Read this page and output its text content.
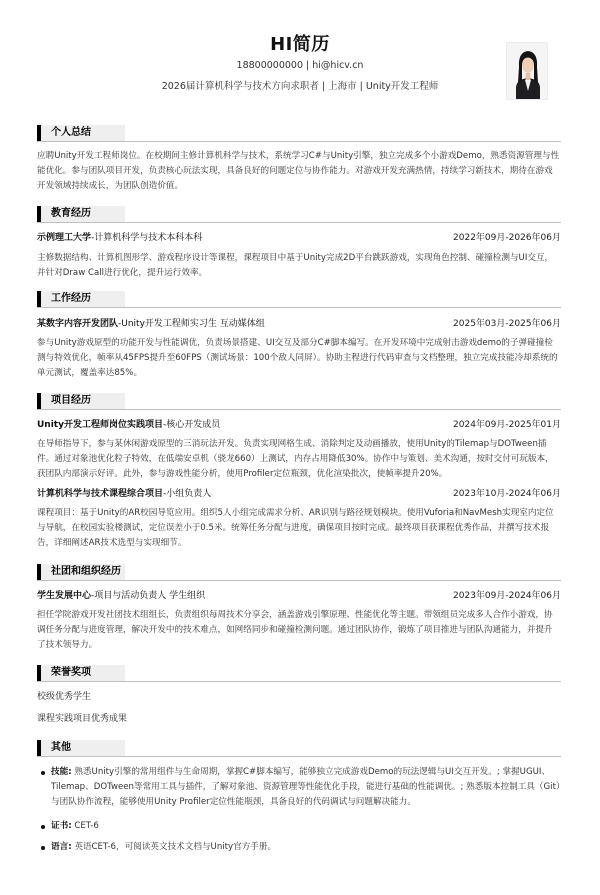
HI简历
18800000000 | hi@hicv.cn
2026届计算机科学与技术方向求职者 | 上海市 | Unity开发工程师
个人总结
应聘Unity开发工程师岗位。在校期间主修计算机科学与技术，系统学习C#与Unity引擎，独立完成多个小游戏Demo，熟悉资源管理与性能优化。参与团队项目开发，负责核心玩法实现，具备良好的问题定位与协作能力。对游戏开发充满热情，持续学习新技术，期待在游戏开发领域持续成长，为团队创造价值。
教育经历
示例理工大学-计算机科学与技术本科本科	2022年09月-2026年06月
主修数据结构、计算机图形学、游戏程序设计等课程，课程项目中基于Unity完成2D平台跳跃游戏，实现角色控制、碰撞检测与UI交互，并针对Draw Call进行优化，提升运行效率。
工作经历
某数字内容开发团队-Unity开发工程师实习生 互动媒体组	2025年03月-2025年06月
参与Unity游戏原型的功能开发与性能调优，负责场景搭建、UI交互及部分C#脚本编写。在开发环境中完成射击游戏demo的子弹碰撞检测与特效优化，帧率从45FPS提升至60FPS（测试场景：100个敌人同屏）。协助主程进行代码审查与文档整理，独立完成技能冷却系统的单元测试，覆盖率达85%。
项目经历
Unity开发工程师岗位实践项目-核心开发成员	2024年09月-2025年01月
在导师指导下，参与某休闲游戏原型的三消玩法开发。负责实现网格生成、消除判定及动画播放，使用Unity的Tilemap与DOTween插件。通过对象池优化粒子特效，在低端安卓机（骁龙660）上测试，内存占用降低30%。协作中与策划、美术沟通，按时交付可玩版本，获团队内部演示好评。此外，参与游戏性能分析，使用Profiler定位瓶颈，优化渲染批次，使帧率提升20%。
计算机科学与技术课程综合项目-小组负责人	2023年10月-2024年06月
课程项目：基于Unity的AR校园导览应用。组织5人小组完成需求分析、AR识别与路径规划模块。使用Vuforia和NavMesh实现室内定位与导航，在校园实验楼测试，定位误差小于0.5米。统筹任务分配与进度，确保项目按时完成。最终项目获课程优秀作品，并撰写技术报告，详细阐述AR技术选型与实现细节。
社团和组织经历
学生发展中心-项目与活动负责人 学生组织	2023年09月-2024年06月
担任学院游戏开发社团技术组组长，负责组织每周技术分享会，涵盖游戏引擎原理、性能优化等主题。带领组员完成多人合作小游戏，协调任务分配与进度管理，解决开发中的技术难点，如网络同步和碰撞检测问题。通过团队协作，锻炼了项目推进与团队沟通能力，并提升了技术领导力。
荣誉奖项
校级优秀学生
课程实践项目优秀成果
其他
技能: 熟悉Unity引擎的常用组件与生命周期，掌握C#脚本编写，能够独立完成游戏Demo的玩法逻辑与UI交互开发。; 掌握UGUI、Tilemap、DOTween等常用工具与插件，了解对象池、资源管理等性能优化手段，能进行基础的性能调优。; 熟悉版本控制工具（Git）与团队协作流程，能够使用Unity Profiler定位性能瓶颈，具备良好的代码调试与问题解决能力。
证书: CET-6
语言: 英语CET-6，可阅读英文技术文档与Unity官方手册。
